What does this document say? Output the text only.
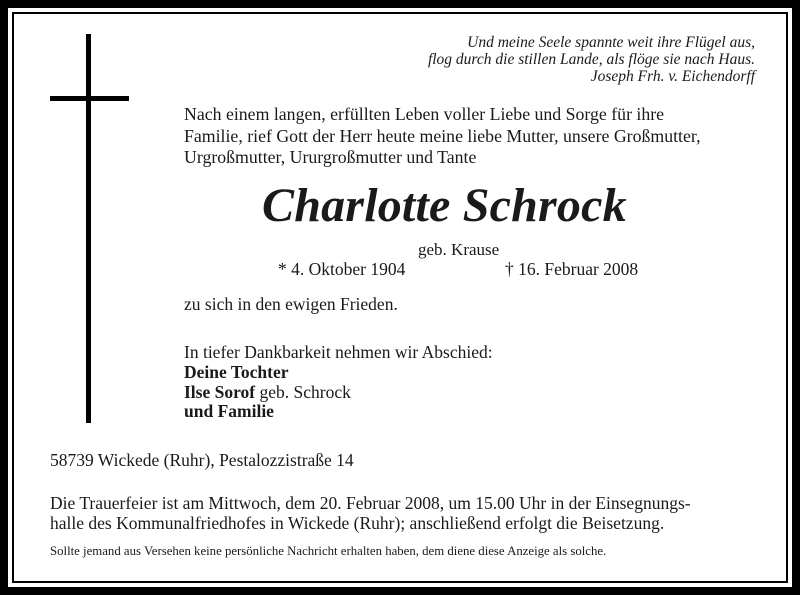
Und meine Seele spannte weit ihre Flügel aus,
flog durch die stillen Lande, als flöge sie nach Haus.
Joseph Frh. v. Eichendorff
Nach einem langen, erfüllten Leben voller Liebe und Sorge für ihre
Familie, rief Gott der Herr heute meine liebe Mutter, unsere Großmutter,
Urgroßmutter, Ururgroßmutter und Tante
Charlotte Schrock
geb. Krause
* 4. Oktober 1904	† 16. Februar 2008
zu sich in den ewigen Frieden.
In tiefer Dankbarkeit nehmen wir Abschied:
Deine Tochter
Ilse Sorof geb. Schrock
und Familie
58739 Wickede (Ruhr), Pestalozzistraße 14
Die Trauerfeier ist am Mittwoch, dem 20. Februar 2008, um 15.00 Uhr in der Einsegnungs-
halle des Kommunalfriedhofes in Wickede (Ruhr); anschließend erfolgt die Beisetzung.
Sollte jemand aus Versehen keine persönliche Nachricht erhalten haben, dem diene diese Anzeige als solche.
